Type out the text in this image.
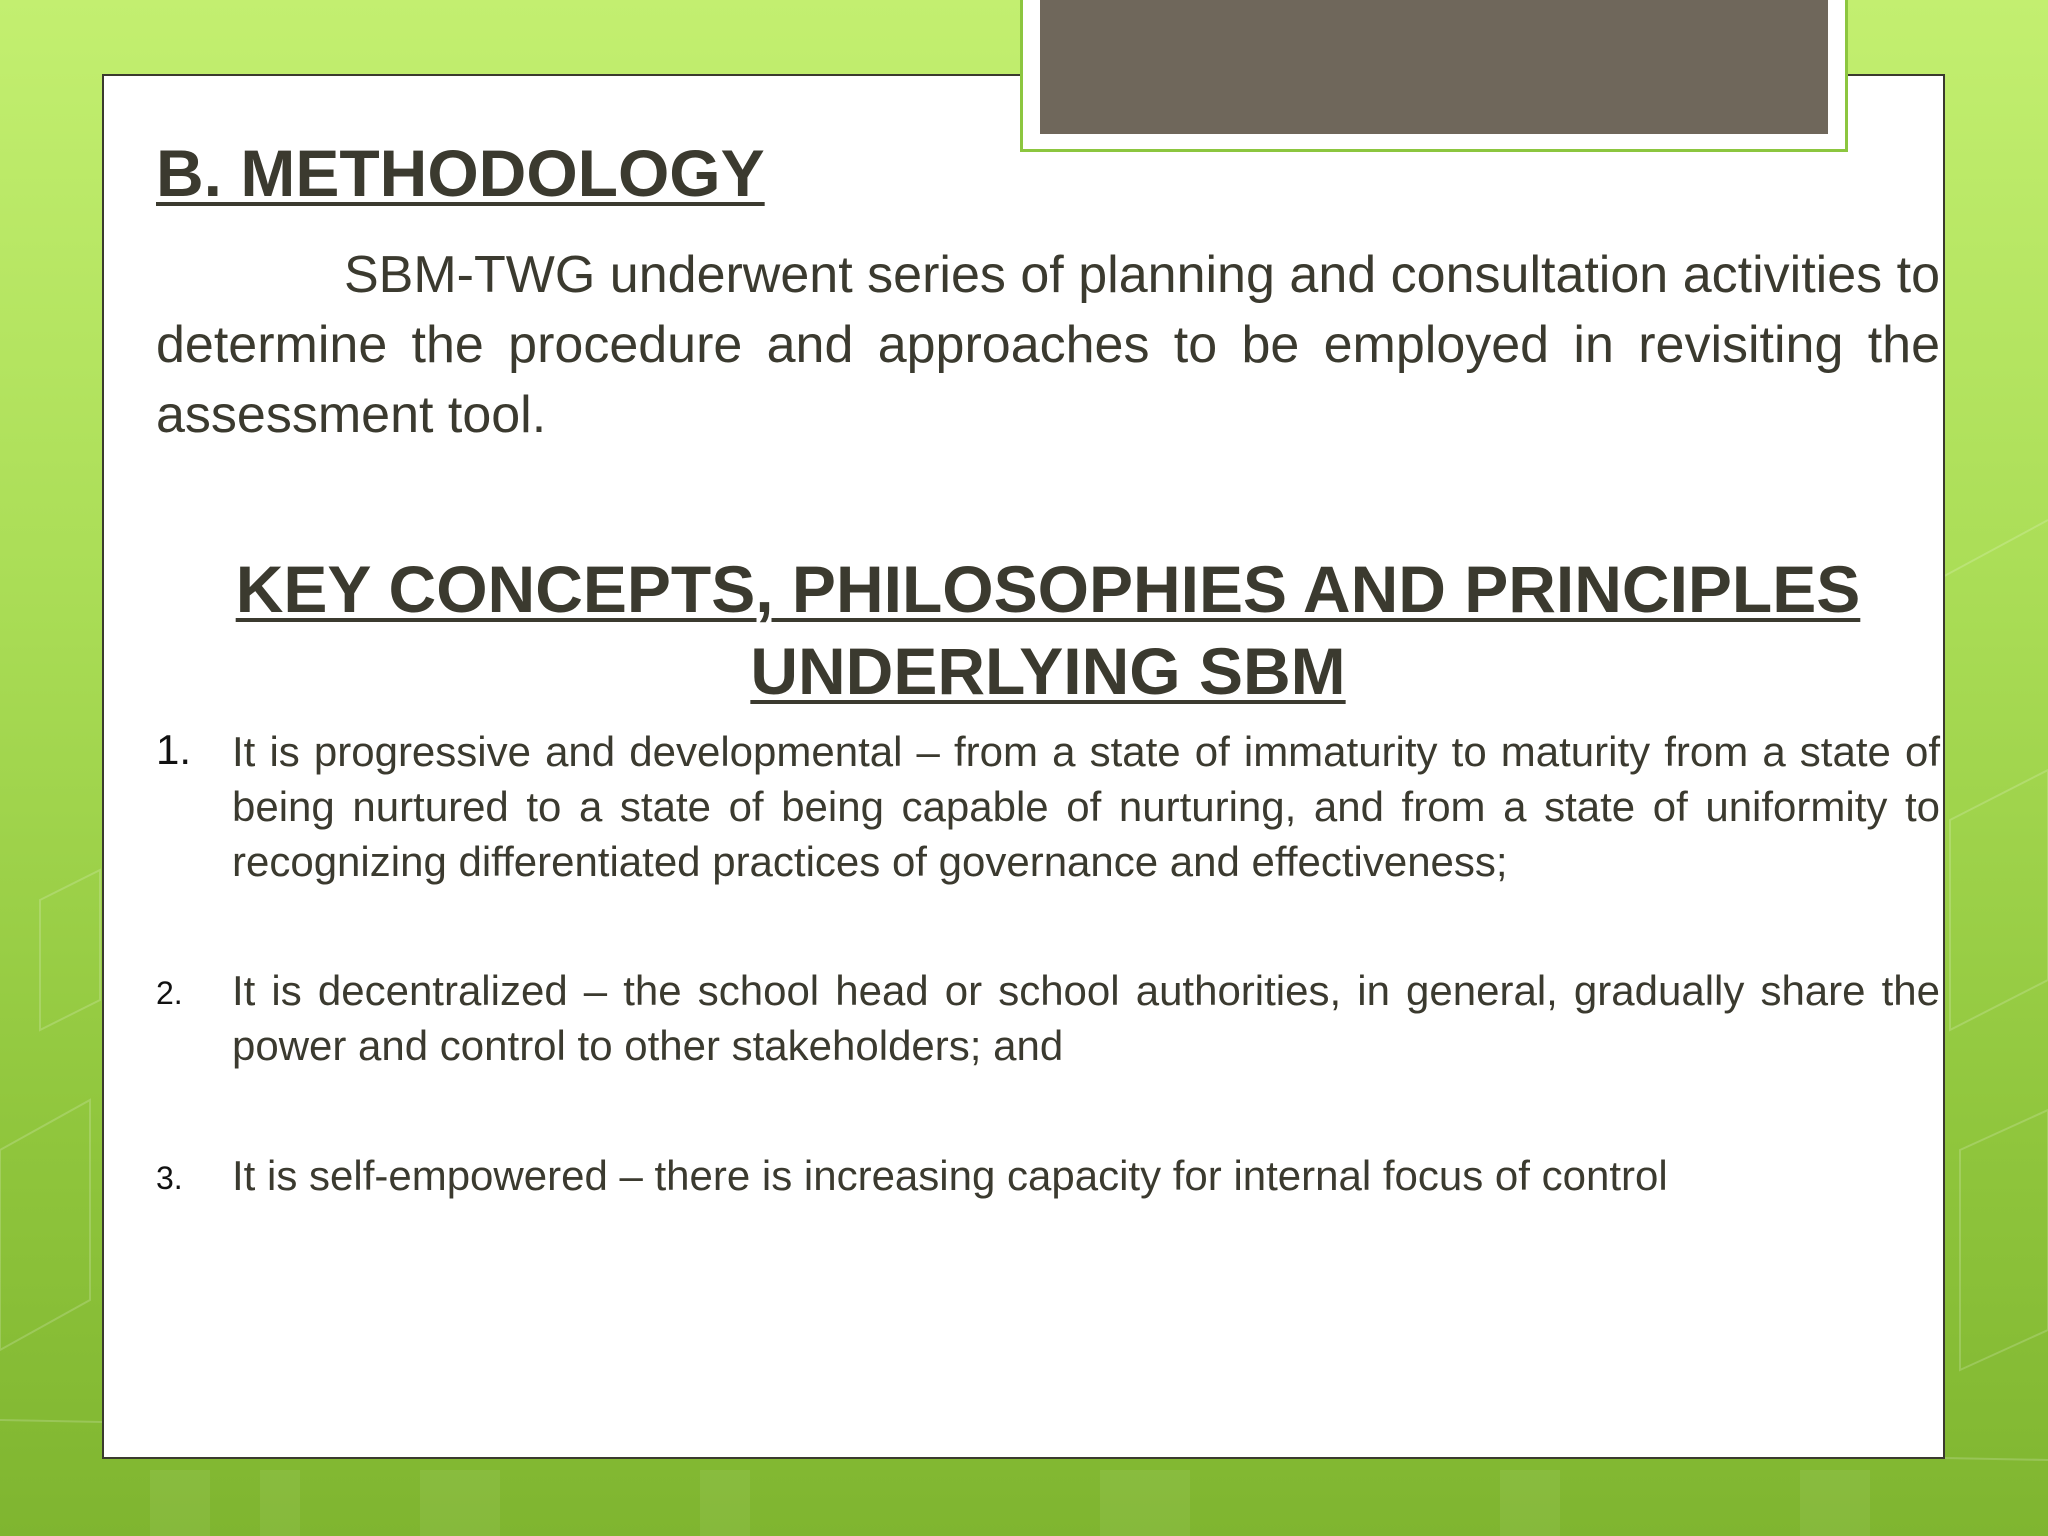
B. METHODOLOGY

SBM-TWG underwent series of planning and consultation activities to determine the procedure and approaches to be employed in revisiting the assessment tool.

KEY CONCEPTS, PHILOSOPHIES AND PRINCIPLES
UNDERLYING SBM
1. It is progressive and developmental – from a state of immaturity to maturity from a state of being nurtured to a state of being capable of nurturing, and from a state of uniformity to recognizing differentiated practices of governance and effectiveness;

2. It is decentralized – the school head or school authorities, in general, gradually share the power and control to other stakeholders; and

3. It is self-empowered – there is increasing capacity for internal focus of control
